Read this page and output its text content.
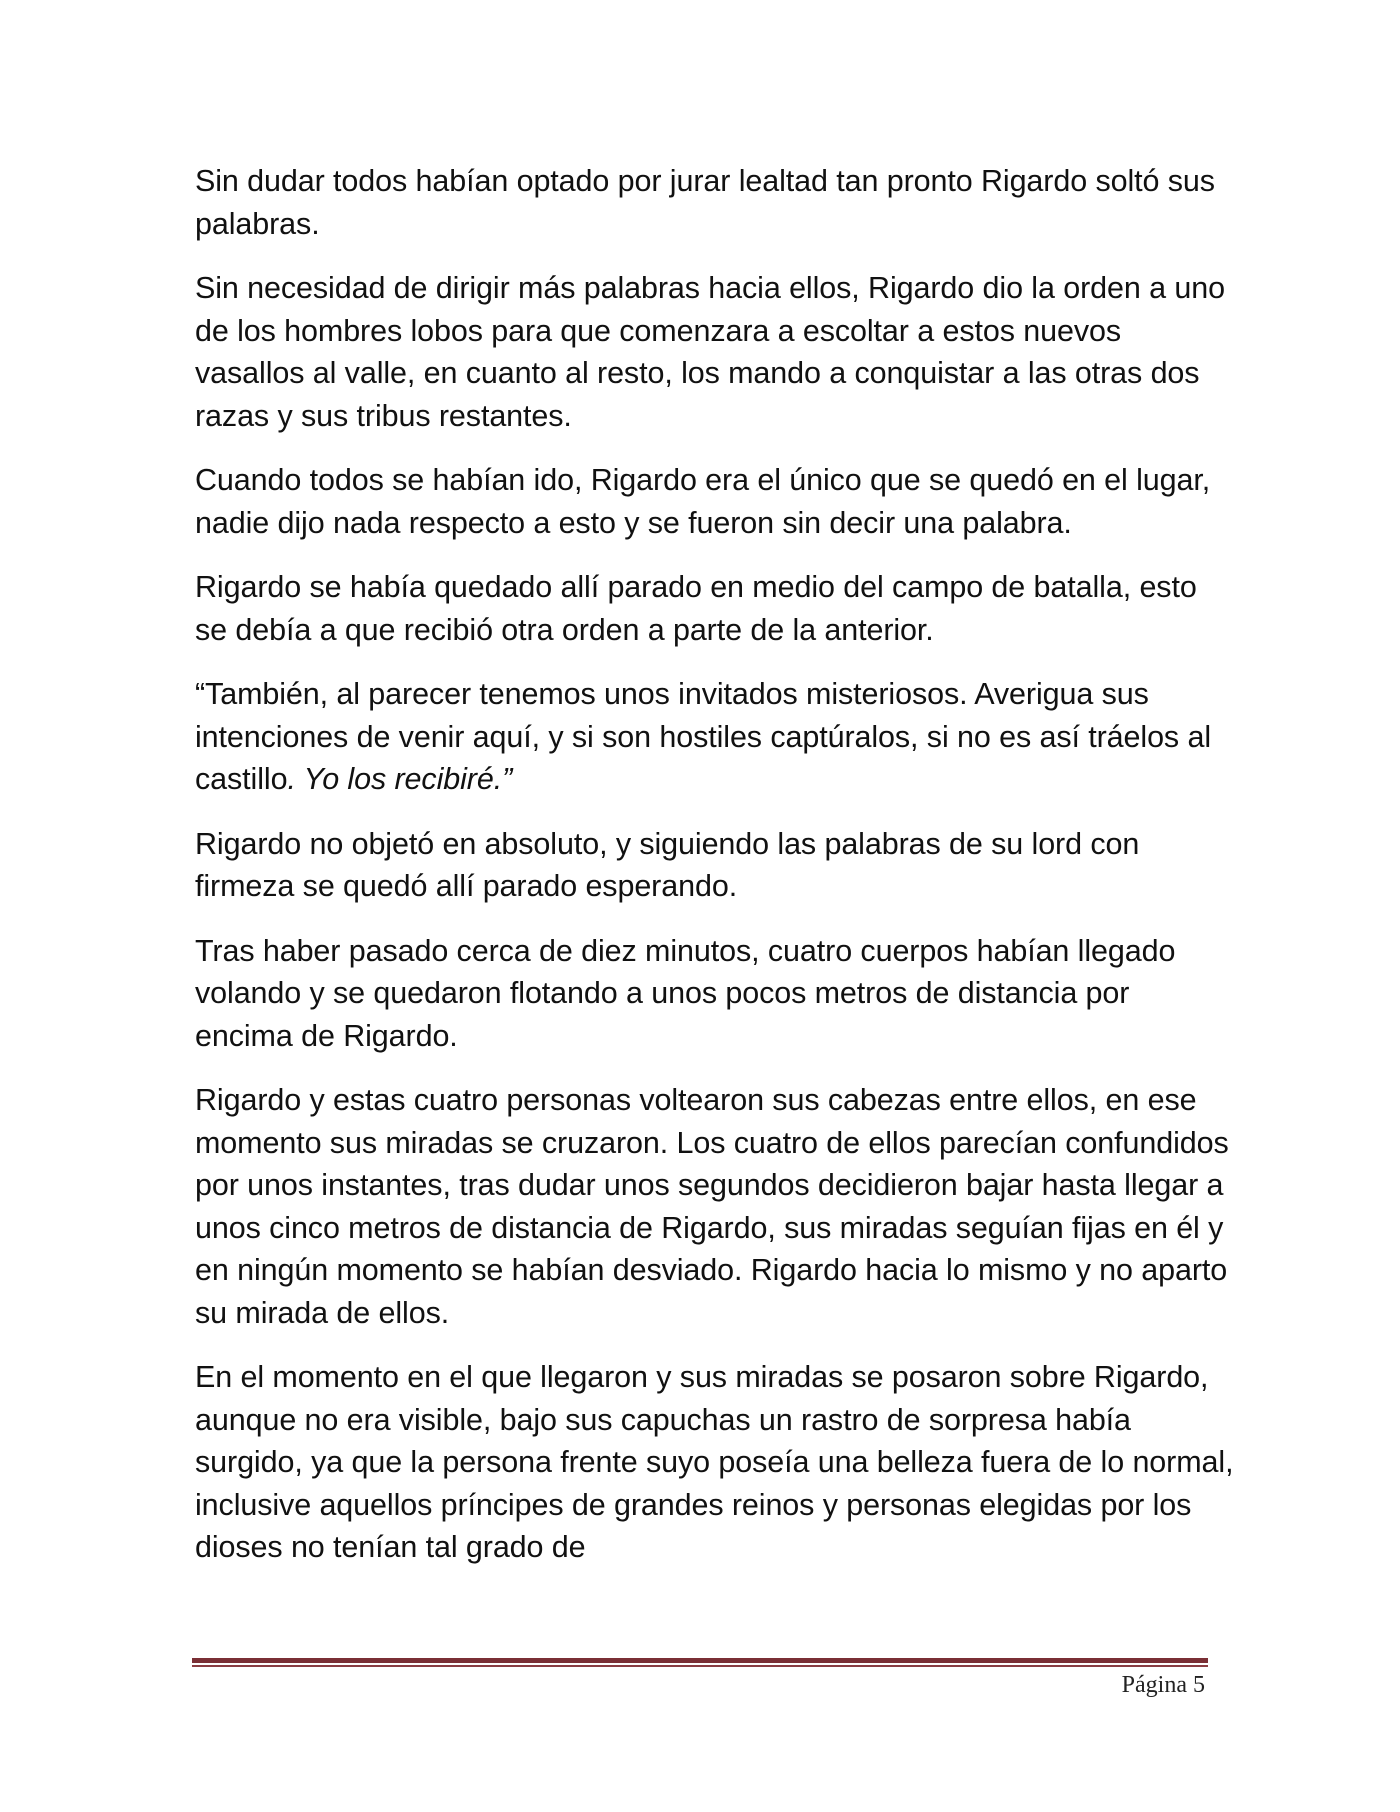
Sin dudar todos habían optado por jurar lealtad tan pronto Rigardo soltó sus palabras.

Sin necesidad de dirigir más palabras hacia ellos, Rigardo dio la orden a uno de los hombres lobos para que comenzara a escoltar a estos nuevos vasallos al valle, en cuanto al resto, los mando a conquistar a las otras dos razas y sus tribus restantes.

Cuando todos se habían ido, Rigardo era el único que se quedó en el lugar, nadie dijo nada respecto a esto y se fueron sin decir una palabra.

Rigardo se había quedado allí parado en medio del campo de batalla, esto se debía a que recibió otra orden a parte de la anterior.

“También, al parecer tenemos unos invitados misteriosos. Averigua sus intenciones de venir aquí, y si son hostiles captúralos, si no es así tráelos al castillo. Yo los recibiré.”

Rigardo no objetó en absoluto, y siguiendo las palabras de su lord con firmeza se quedó allí parado esperando.

Tras haber pasado cerca de diez minutos, cuatro cuerpos habían llegado volando y se quedaron flotando a unos pocos metros de distancia por encima de Rigardo.

Rigardo y estas cuatro personas voltearon sus cabezas entre ellos, en ese momento sus miradas se cruzaron. Los cuatro de ellos parecían confundidos por unos instantes, tras dudar unos segundos decidieron bajar hasta llegar a unos cinco metros de distancia de Rigardo, sus miradas seguían fijas en él y en ningún momento se habían desviado. Rigardo hacia lo mismo y no aparto su mirada de ellos.

En el momento en el que llegaron y sus miradas se posaron sobre Rigardo, aunque no era visible, bajo sus capuchas un rastro de sorpresa había surgido, ya que la persona frente suyo poseía una belleza fuera de lo normal, inclusive aquellos príncipes de grandes reinos y personas elegidas por los dioses no tenían tal grado de

Página 5
